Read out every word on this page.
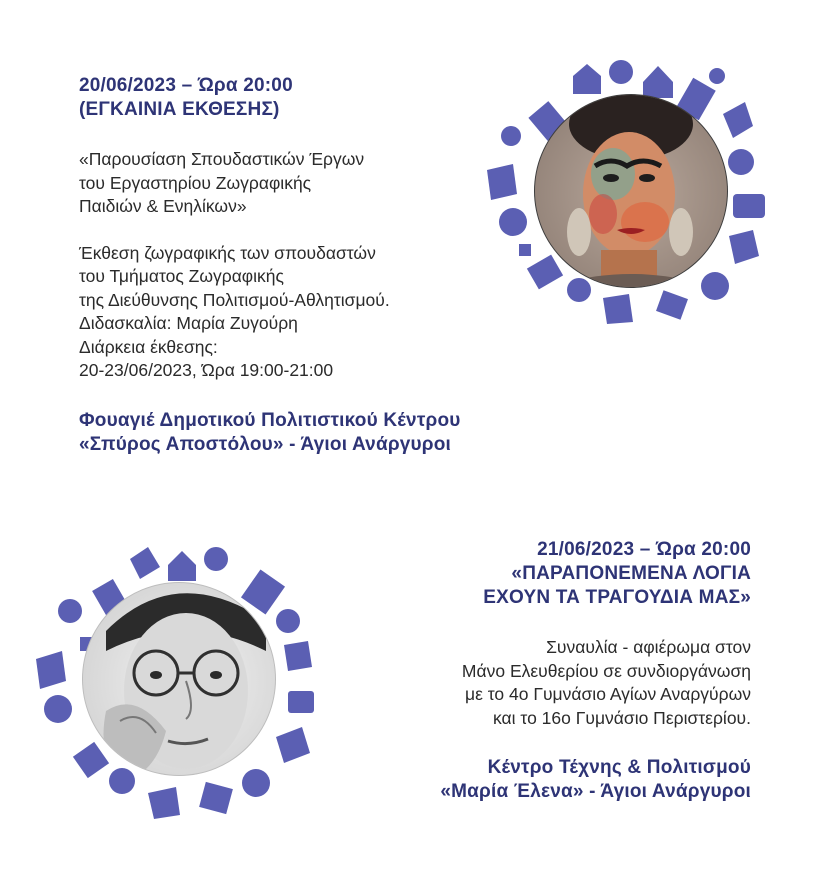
20/06/2023 – Ώρα 20:00
(ΕΓΚΑΙΝΙΑ ΕΚΘΕΣΗΣ)
«Παρουσίαση Σπουδαστικών Έργων
του Εργαστηρίου Ζωγραφικής
Παιδιών & Ενηλίκων»
Έκθεση ζωγραφικής των σπουδαστών
του Τμήματος Ζωγραφικής
της Διεύθυνσης Πολιτισμού-Αθλητισμού.
Διδασκαλία: Μαρία Ζυγούρη
Διάρκεια έκθεσης:
20-23/06/2023, Ώρα 19:00-21:00
Φουαγιέ Δημοτικού Πολιτιστικού Κέντρου
«Σπύρος Αποστόλου» - Άγιοι Ανάργυροι
21/06/2023 – Ώρα 20:00
«ΠΑΡΑΠΟΝΕΜΕΝΑ ΛΟΓΙΑ
ΕΧΟΥΝ ΤΑ ΤΡΑΓΟΥΔΙΑ ΜΑΣ»
Συναυλία - αφιέρωμα στον
Μάνο Ελευθερίου σε συνδιοργάνωση
με το 4ο Γυμνάσιο Αγίων Αναργύρων
και το 16ο Γυμνάσιο Περιστερίου.
Κέντρο Τέχνης & Πολιτισμού
«Μαρία Έλενα» - Άγιοι Ανάργυροι
